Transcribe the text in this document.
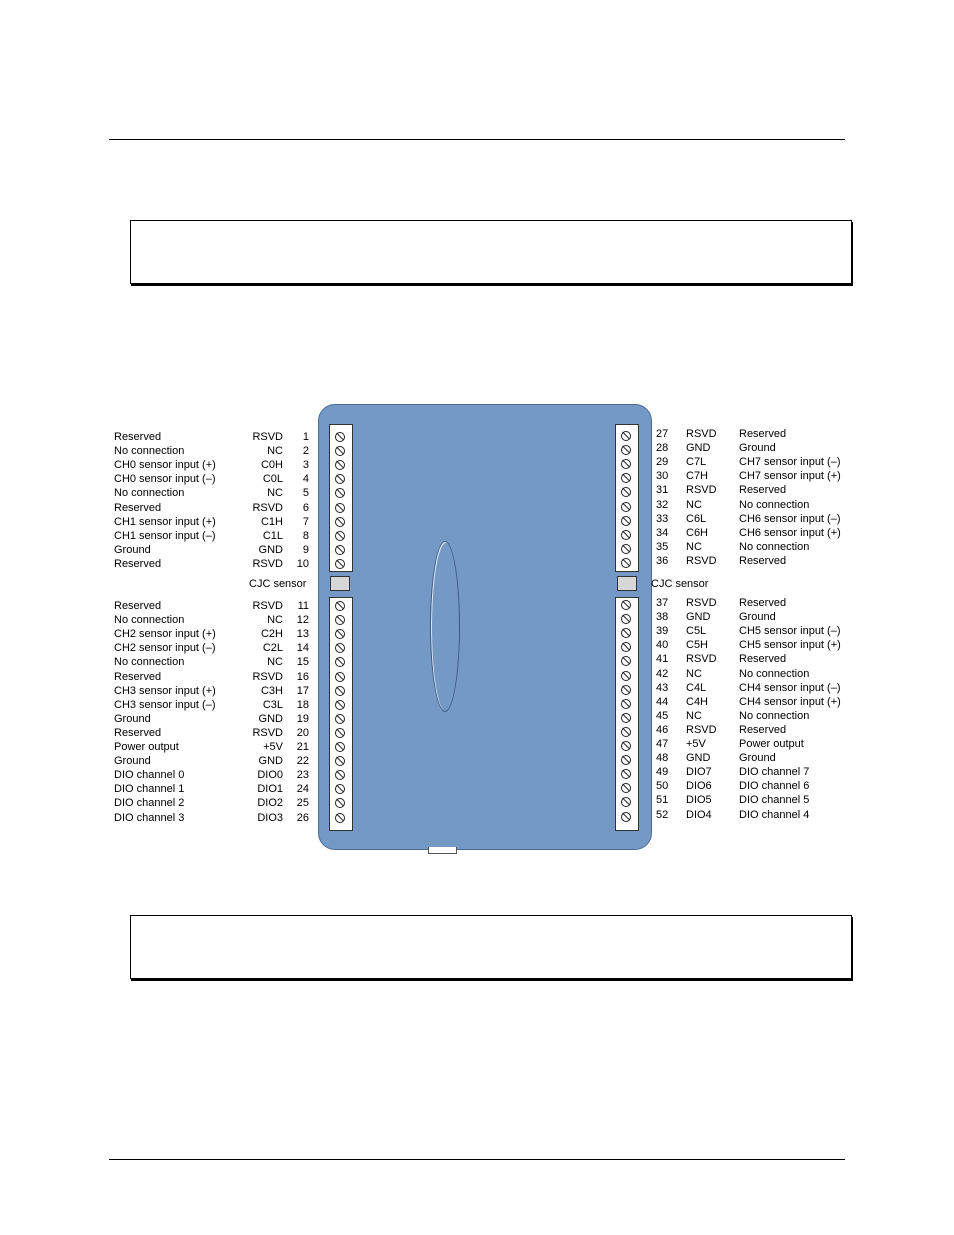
CJC sensor	CJC sensor
Reserved	RSVD	1
No connection	NC	2
CH0 sensor input (+)	C0H	3
CH0 sensor input (–)	C0L	4
No connection	NC	5
Reserved	RSVD	6
CH1 sensor input (+)	C1H	7
CH1 sensor input (–)	C1L	8
Ground	GND	9
Reserved	RSVD	10
Reserved	RSVD	11
No connection	NC	12
CH2 sensor input (+)	C2H	13
CH2 sensor input (–)	C2L	14
No connection	NC	15
Reserved	RSVD	16
CH3 sensor input (+)	C3H	17
CH3 sensor input (–)	C3L	18
Ground	GND	19
Reserved	RSVD	20
Power output	+5V	21
Ground	GND	22
DIO channel 0	DIO0	23
DIO channel 1	DIO1	24
DIO channel 2	DIO2	25
DIO channel 3	DIO3	26
27 RSVD Reserved
28 GND	Ground
29 C7L	CH7 sensor input (–)
30 C7H	CH7 sensor input (+)
31 RSVD Reserved
32 NC	No connection
33 C6L	CH6 sensor input (–)
34 C6H	CH6 sensor input (+)
35 NC	No connection
36 RSVD Reserved
37 RSVD Reserved
38 GND	Ground
39 C5L	CH5 sensor input (–)
40 C5H	CH5 sensor input (+)
41 RSVD Reserved
42 NC	No connection
43 C4L	CH4 sensor input (–)
44 C4H	CH4 sensor input (+)
45 NC	No connection
46 RSVD Reserved
47 +5V	Power output
48 GND	Ground
49 DIO7 DIO channel 7
50 DIO6 DIO channel 6
51 DIO5 DIO channel 5
52 DIO4 DIO channel 4
